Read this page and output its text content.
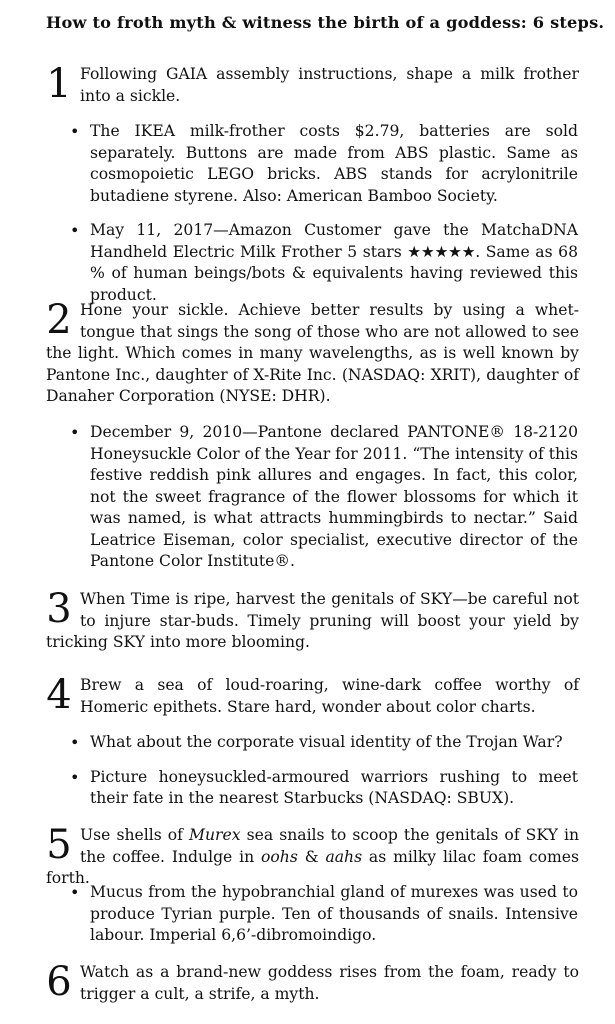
How to froth myth & witness the birth of a goddess: 6 steps.
1 Following GAIA assembly instructions, shape a milk frother into a sickle.
• The IKEA milk-frother costs $2.79, batteries are sold separately. Buttons are made from ABS plastic. Same as cosmopoietic LEGO bricks. ABS stands for acrylonitrile butadiene styrene. Also: American Bamboo Society.
• May 11, 2017—Amazon Customer gave the MatchaDNA Handheld Electric Milk Frother 5 stars ★★★★★. Same as 68 % of human beings/bots & equivalents having reviewed this product.
2 Hone your sickle. Achieve better results by using a whet-tongue that sings the song of those who are not allowed to see the light. Which comes in many wavelengths, as is well known by Pantone Inc., daughter of X-Rite Inc. (NASDAQ: XRIT), daughter of Danaher Corporation (NYSE: DHR).
• December 9, 2010—Pantone declared PANTONE® 18-2120 Honeysuckle Color of the Year for 2011. “The intensity of this festive reddish pink allures and engages. In fact, this color, not the sweet fragrance of the flower blossoms for which it was named, is what attracts hummingbirds to nectar.” Said Leatrice Eiseman, color specialist, executive director of the Pantone Color Institute®.
3 When Time is ripe, harvest the genitals of SKY—be careful not to injure star-buds. Timely pruning will boost your yield by tricking SKY into more blooming.
4 Brew a sea of loud-roaring, wine-dark coffee worthy of Homeric epithets. Stare hard, wonder about color charts.
• What about the corporate visual identity of the Trojan War?
• Picture honeysuckled-armoured warriors rushing to meet their fate in the nearest Starbucks (NASDAQ: SBUX).
5 Use shells of Murex sea snails to scoop the genitals of SKY in the coffee. Indulge in oohs & aahs as milky lilac foam comes forth.
• Mucus from the hypobranchial gland of murexes was used to produce Tyrian purple. Ten of thousands of snails. Intensive labour. Imperial 6,6’-dibromoindigo.
6 Watch as a brand-new goddess rises from the foam, ready to trigger a cult, a strife, a myth.
